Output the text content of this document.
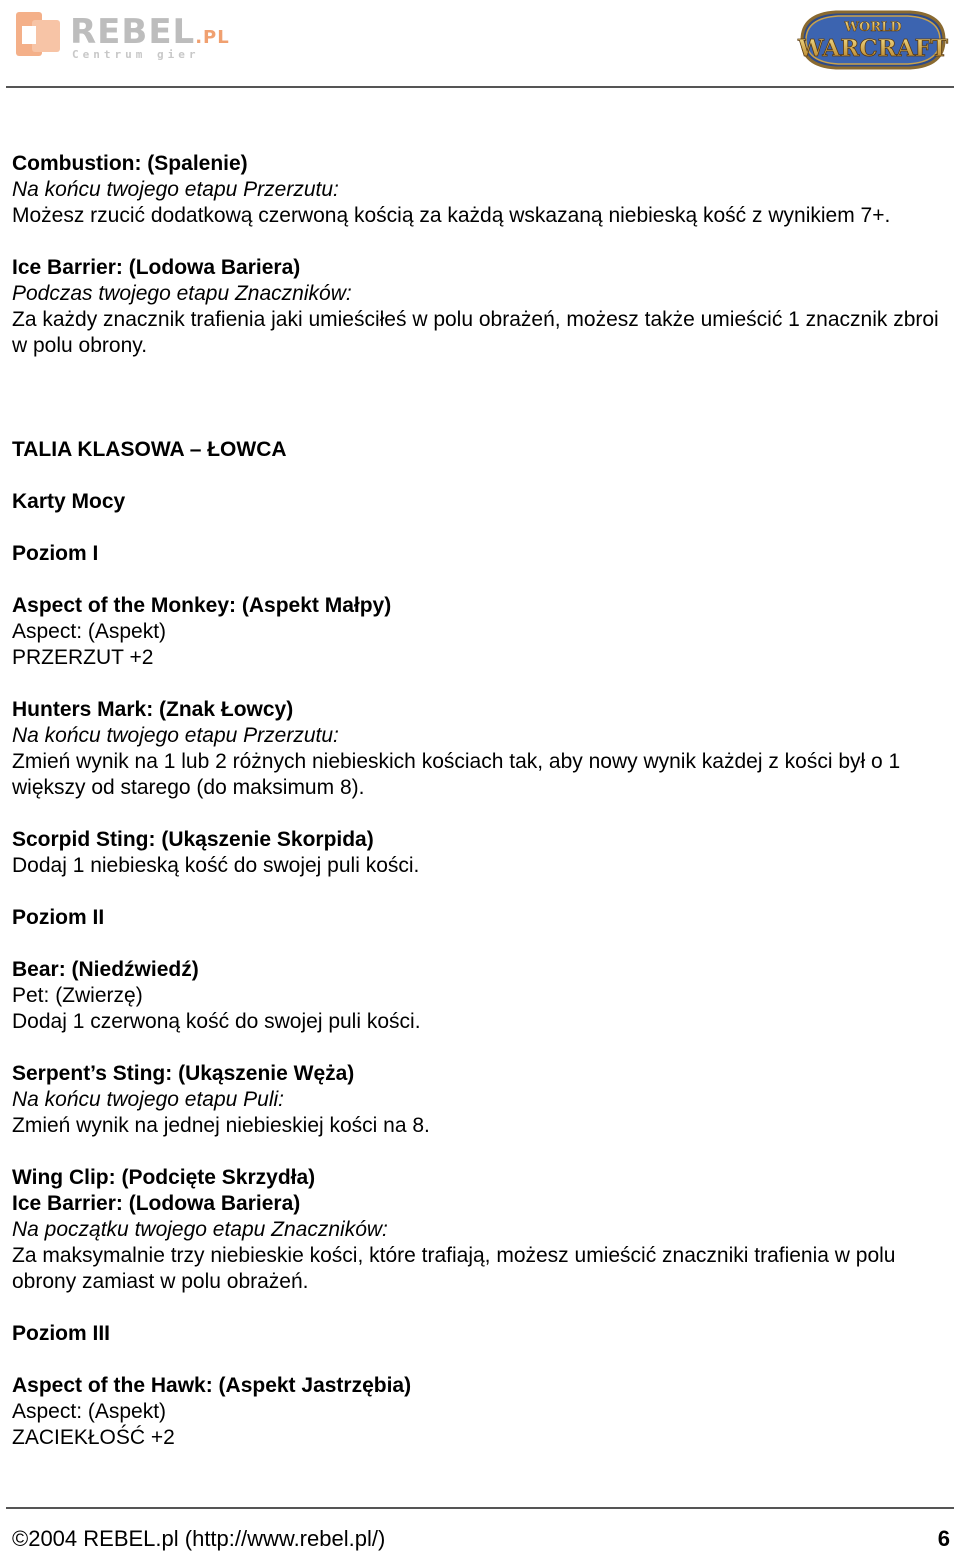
REBEL.PL
Centrum gier
WORLD
WARCRAFT

Combustion: (Spalenie)

Na końcu twojego etapu Przerzutu:

Możesz rzucić dodatkową czerwoną kością za każdą wskazaną niebieską kość z wynikiem 7+.

Ice Barrier: (Lodowa Bariera)

Podczas twojego etapu Znaczników:

Za każdy znacznik trafienia jaki umieściłeś w polu obrażeń, możesz także umieścić 1 znacznik zbroi w polu obrony.

TALIA KLASOWA – ŁOWCA

Karty Mocy

Poziom I

Aspect of the Monkey: (Aspekt Małpy)

Aspect: (Aspekt)

PRZERZUT +2

Hunters Mark: (Znak Łowcy)

Na końcu twojego etapu Przerzutu:

Zmień wynik na 1 lub 2 różnych niebieskich kościach tak, aby nowy wynik każdej z kości był o 1 większy od starego (do maksimum 8).

Scorpid Sting: (Ukąszenie Skorpida)

Dodaj 1 niebieską kość do swojej puli kości.

Poziom II

Bear: (Niedźwiedź)

Pet: (Zwierzę)

Dodaj 1 czerwoną kość do swojej puli kości.

Serpent’s Sting: (Ukąszenie Węża)

Na końcu twojego etapu Puli:

Zmień wynik na jednej niebieskiej kości na 8.

Wing Clip: (Podcięte Skrzydła)

Ice Barrier: (Lodowa Bariera)

Na początku twojego etapu Znaczników:

Za maksymalnie trzy niebieskie kości, które trafiają, możesz umieścić znaczniki trafienia w polu obrony zamiast w polu obrażeń.

Poziom III

Aspect of the Hawk: (Aspekt Jastrzębia)

Aspect: (Aspekt)

ZACIEKŁOŚĆ +2

©2004 REBEL.pl (http://www.rebel.pl/)	6
